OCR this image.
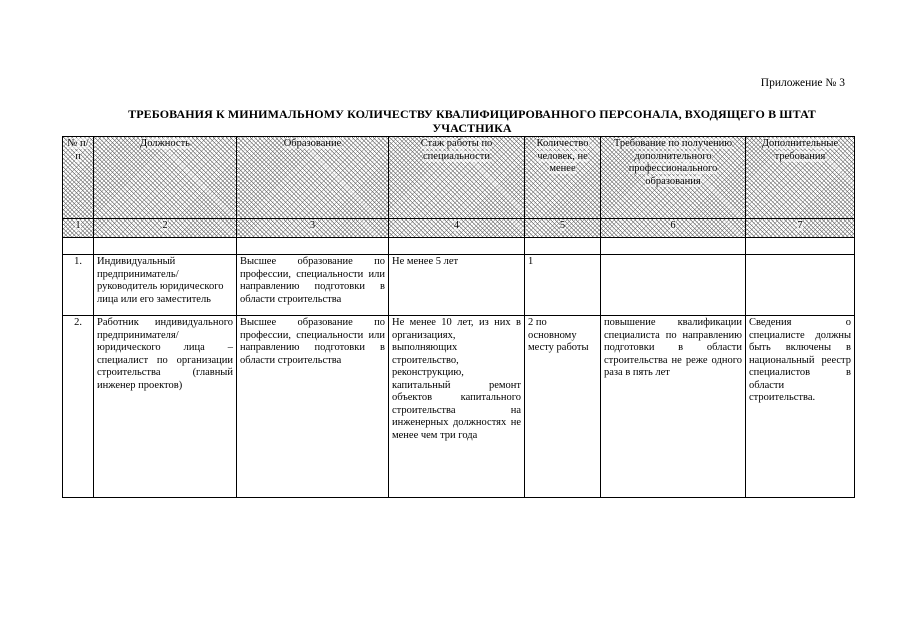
Приложение № 3
ТРЕБОВАНИЯ К МИНИМАЛЬНОМУ КОЛИЧЕСТВУ КВАЛИФИЦИРОВАННОГО ПЕРСОНАЛА, ВХОДЯЩЕГО В ШТАТ УЧАСТНИКА
№ п/п	Должность	Образование	Стаж работы по специальности	Количество человек, не менее	Требование по получению дополнительного профессионального образования	Дополнительные требования
1	2	3	4	5	6	7

1.	Индивидуальный предприниматель/руководитель юридического лица или его заместитель	Высшее образование по профессии, специальности или направлению подготовки в области строительства	Не менее 5 лет	1		
2.	Работник индивидуального предпринимателя/ юридического лица – специалист по организации строительства (главный инженер проектов)	Высшее образование по профессии, специальности или направлению подготовки в области строительства	Не менее 10 лет, из них в организациях, выполняющих строительство, реконструкцию, капитальный ремонт объектов капитального строительства на инженерных должностях не менее чем три года	2 по основному месту работы	повышение квалификации специалиста по направлению подготовки в области строительства не реже одного раза в пять лет	Сведения о специалисте должны быть включены в национальный реестр специалистов в области строительства.
